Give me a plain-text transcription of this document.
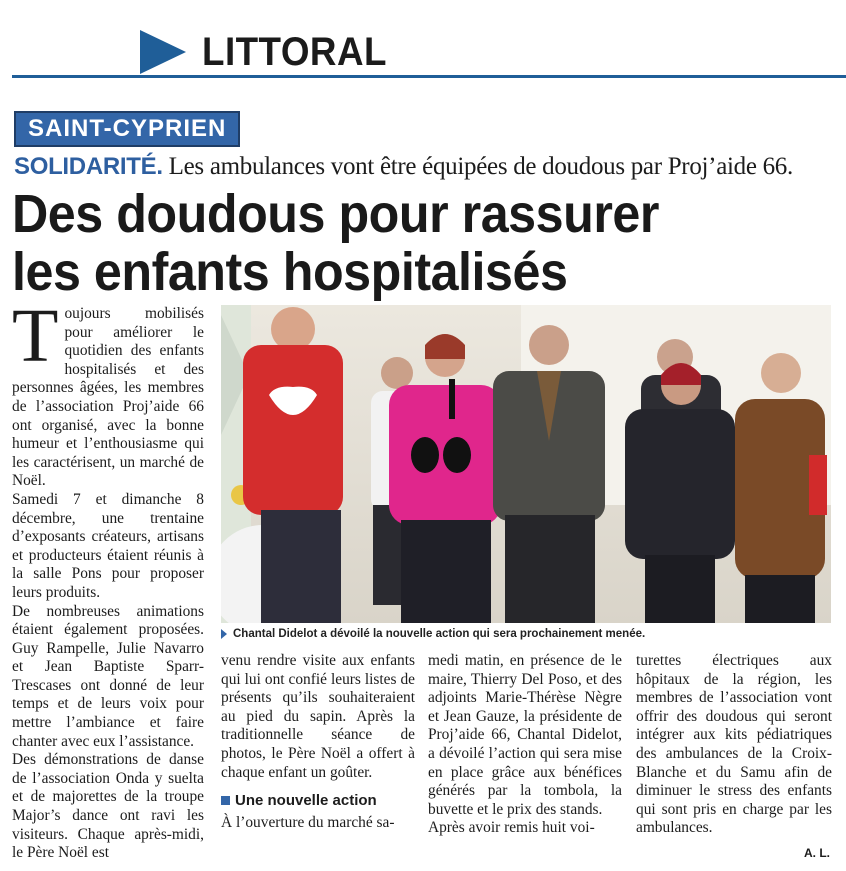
LITTORAL
SAINT-CYPRIEN
SOLIDARITÉ. Les ambulances vont être équipées de doudous par Proj’aide 66.
Des doudous pour rassurer
les enfants hospitalisés

Toujours mobilisés pour améliorer le quotidien des enfants hospitalisés et des personnes âgées, les membres de l’association Proj’aide 66 ont organisé, avec la bonne humeur et l’enthousiasme qui les caractérisent, un marché de Noël.

Samedi 7 et dimanche 8 décembre, une trentaine d’exposants créateurs, artisans et producteurs étaient réunis à la salle Pons pour proposer leurs produits.

De nombreuses animations étaient également proposées. Guy Rampelle, Julie Navarro et Jean Baptiste Sparr-Trescases ont donné de leur temps et de leurs voix pour mettre l’ambiance et faire chanter avec eux l’assistance.

Des démonstrations de danse de l’association Onda y suelta et de majorettes de la troupe Major’s dance ont ravi les visiteurs. Chaque après-midi, le Père Noël est

Chantal Didelot a dévoilé la nouvelle action qui sera prochainement menée.

venu rendre visite aux enfants qui lui ont confié leurs listes de présents qu’ils souhaiteraient au pied du sapin. Après la traditionnelle séance de photos, le Père Noël a offert à chaque enfant un goûter.

Une nouvelle action

À l’ouverture du marché sa-

medi matin, en présence de le maire, Thierry Del Poso, et des adjoints Marie-Thérèse Nègre et Jean Gauze, la présidente de Proj’aide 66, Chantal Didelot, a dévoilé l’action qui sera mise en place grâce aux bénéfices générés par la tombola, la buvette et le prix des stands.

Après avoir remis huit voi-

turettes électriques aux hôpitaux de la région, les membres de l’association vont offrir des doudous qui seront intégrer aux kits pédiatriques des ambulances de la Croix-Blanche et du Samu afin de diminuer le stress des enfants qui sont pris en charge par les ambulances.

A. L.
